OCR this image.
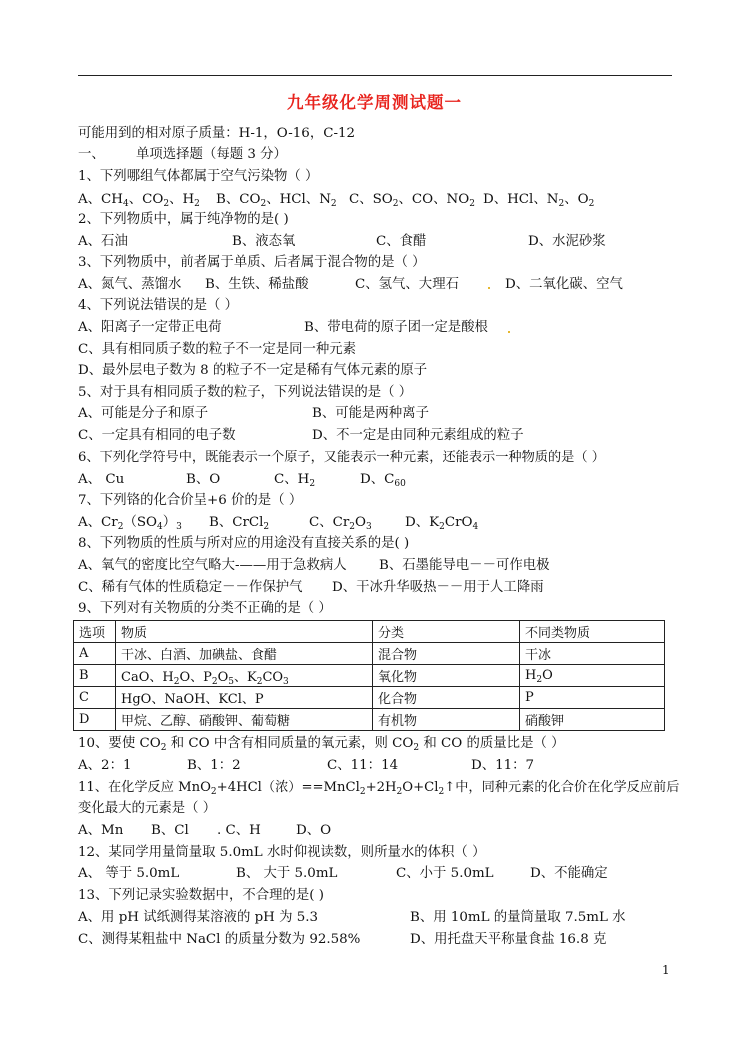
九年级化学周测试题一
可能用到的相对原子质量：H-1，O-16，C-12
一、 单项选择题（每题 3 分）
1、下列哪组气体都属于空气污染物（ ）
A、$CH_4$、$CO_2$、$H_2$ B、$CO_2$、HCl、$N_2$ C、$SO_2$、CO、$NO_2$ D、HCl、$N_2$、$O_2$
2、下列物质中，属于纯净物的是( )
A、石油	B、液态氧	C、食醋	D、水泥砂浆
3、下列物质中，前者属于单质、后者属于混合物的是（ ）
A、氮气、蒸馏水 B、生铁、稀盐酸	C、氢气、大理石	D、二氧化碳、空气
4、下列说法错误的是（ ）
A、阳离子一定带正电荷	B、带电荷的原子团一定是酸根
C、具有相同质子数的粒子不一定是同一种元素
D、最外层电子数为 8 的粒子不一定是稀有气体元素的原子
5、对于具有相同质子数的粒子，下列说法错误的是（ ）
A、可能是分子和原子	B、可能是两种离子
C、一定具有相同的电子数	D、不一定是由同种元素组成的粒子
6、下列化学符号中，既能表示一个原子，又能表示一种元素，还能表示一种物质的是（ ）
A、 Cu	B、O	C、$H_2$	D、$C_{60}$
7、下列铬的化合价呈+6 价的是（ ）
A、$Cr_2(SO_4)_3$ B、CrCl$_2$	C、$Cr_2O_3$ D、$K_2CrO_4$
8、下列物质的性质与所对应的用途没有直接关系的是( )
A、氧气的密度比空气略大-——用于急救病人 B、石墨能导电－－可作电极
C、稀有气体的性质稳定－－作保护气 D、干冰升华吸热－－用于人工降雨
9、下列对有关物质的分类不正确的是（ ）
选项	物质	分类	不同类物质
A	干冰、白酒、加碘盐、食醋	混合物	干冰
B	CaO、$H_2O$、$P_2O_5$、$K_2CO_3$	氧化物	$H_2O$
C	HgO、NaOH、KCl、P	化合物	P
D	甲烷、乙醇、硝酸钾、葡萄糖	有机物	硝酸钾
10、要使 $CO_2$ 和 CO 中含有相同质量的氧元素，则 $CO_2$ 和 CO 的质量比是（ ）
A、2：1	B、1：2	C、11：14	D、11：7
11、在化学反应 MnO$_2$+4HCl（浓）$==MnCl_2+2H_2O+Cl_2↑$中，同种元素的化合价在化学反应前后
变化最大的元素是（ ）
A、Mn B、Cl . C、H	D、O
12、某同学用量筒量取 5.0mL 水时仰视读数，则所量水的体积（ ）
A、 等于 5.0mL	B、 大于 5.0mL	C、小于 5.0mL	D、不能确定
13、下列记录实验数据中，不合理的是( )
A、用 pH 试纸测得某溶液的 pH 为 5.3	B、用 10mL 的量筒量取 7.5mL 水
C、测得某粗盐中 NaCl 的质量分数为 92.58%	D、用托盘天平称量食盐 16.8 克
1
